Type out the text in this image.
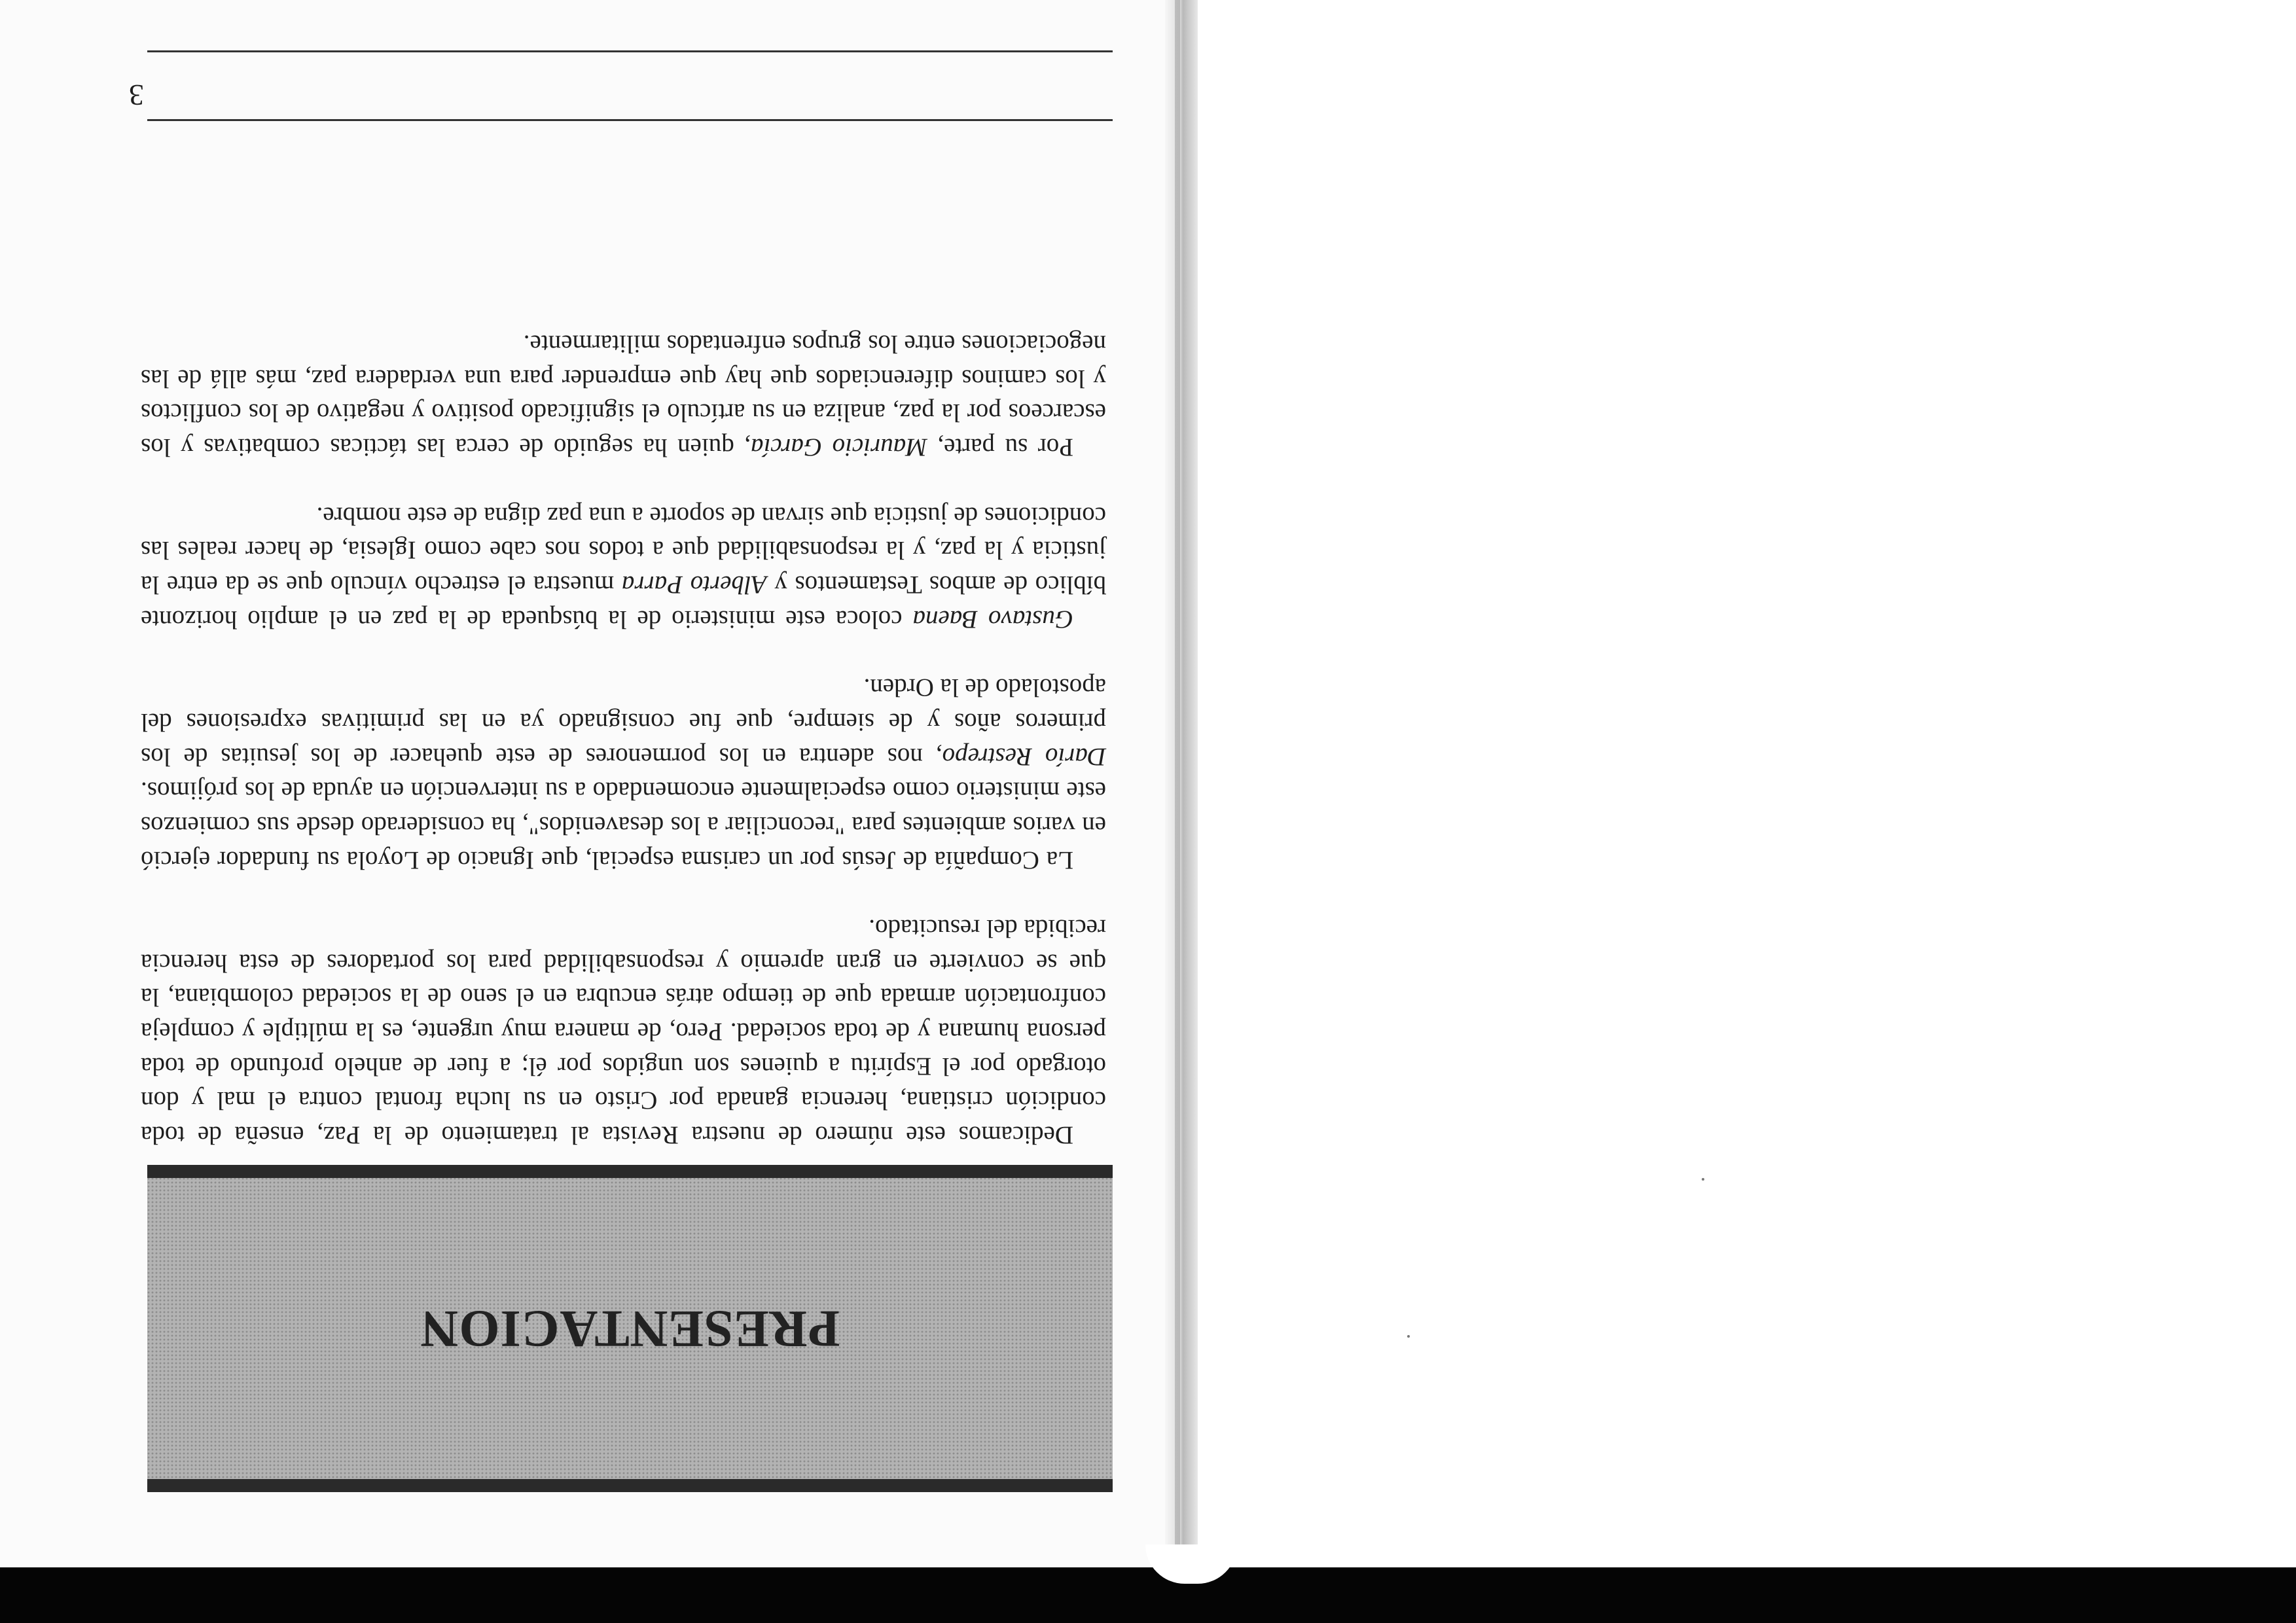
PRESENTACION

Dedicamos este número de nuestra Revista al tratamiento de la Paz, enseña de toda condición cristiana, herencia ganada por Cristo en su lucha frontal contra el mal y don otorgado por el Espíritu a quienes son ungidos por él; a fuer de anhelo profundo de toda persona humana y de toda sociedad. Pero, de manera muy urgente, es la múltiple y compleja confrontación armada que de tiempo atrás encubra en el seno de la sociedad colombiana, la que se convierte en gran apremio y responsabilidad para los portadores de esta herencia recibida del resucitado.

La Compañía de Jesús por un carisma especial, que Ignacio de Loyola su fundador ejerció en varios ambientes para "reconciliar a los desavenidos", ha considerado desde sus comienzos este ministerio como especialmente encomendado a su intervención en ayuda de los prójimos. Darío Restrepo, nos adentra en los pormenores de este quehacer de los jesuitas de los primeros años y de siempre, que fue consignado ya en las primitivas expresiones del apostolado de la Orden.

Gustavo Baena coloca este ministerio de la búsqueda de la paz en el amplio horizonte bíblico de ambos Testamentos y Alberto Parra muestra el estrecho vínculo que se da entre la justicia y la paz, y la responsabilidad que a todos nos cabe como Iglesia, de hacer reales las condiciones de justicia que sirvan de soporte a una paz digna de este nombre.

Por su parte, Mauricio García, quien ha seguido de cerca las tácticas combativas y los escarceos por la paz, analiza en su artículo el significado positivo y negativo de los conflictos y los caminos diferenciados que hay que emprender para una verdadera paz, más allá de las negociaciones entre los grupos enfrentados militarmente.

3
